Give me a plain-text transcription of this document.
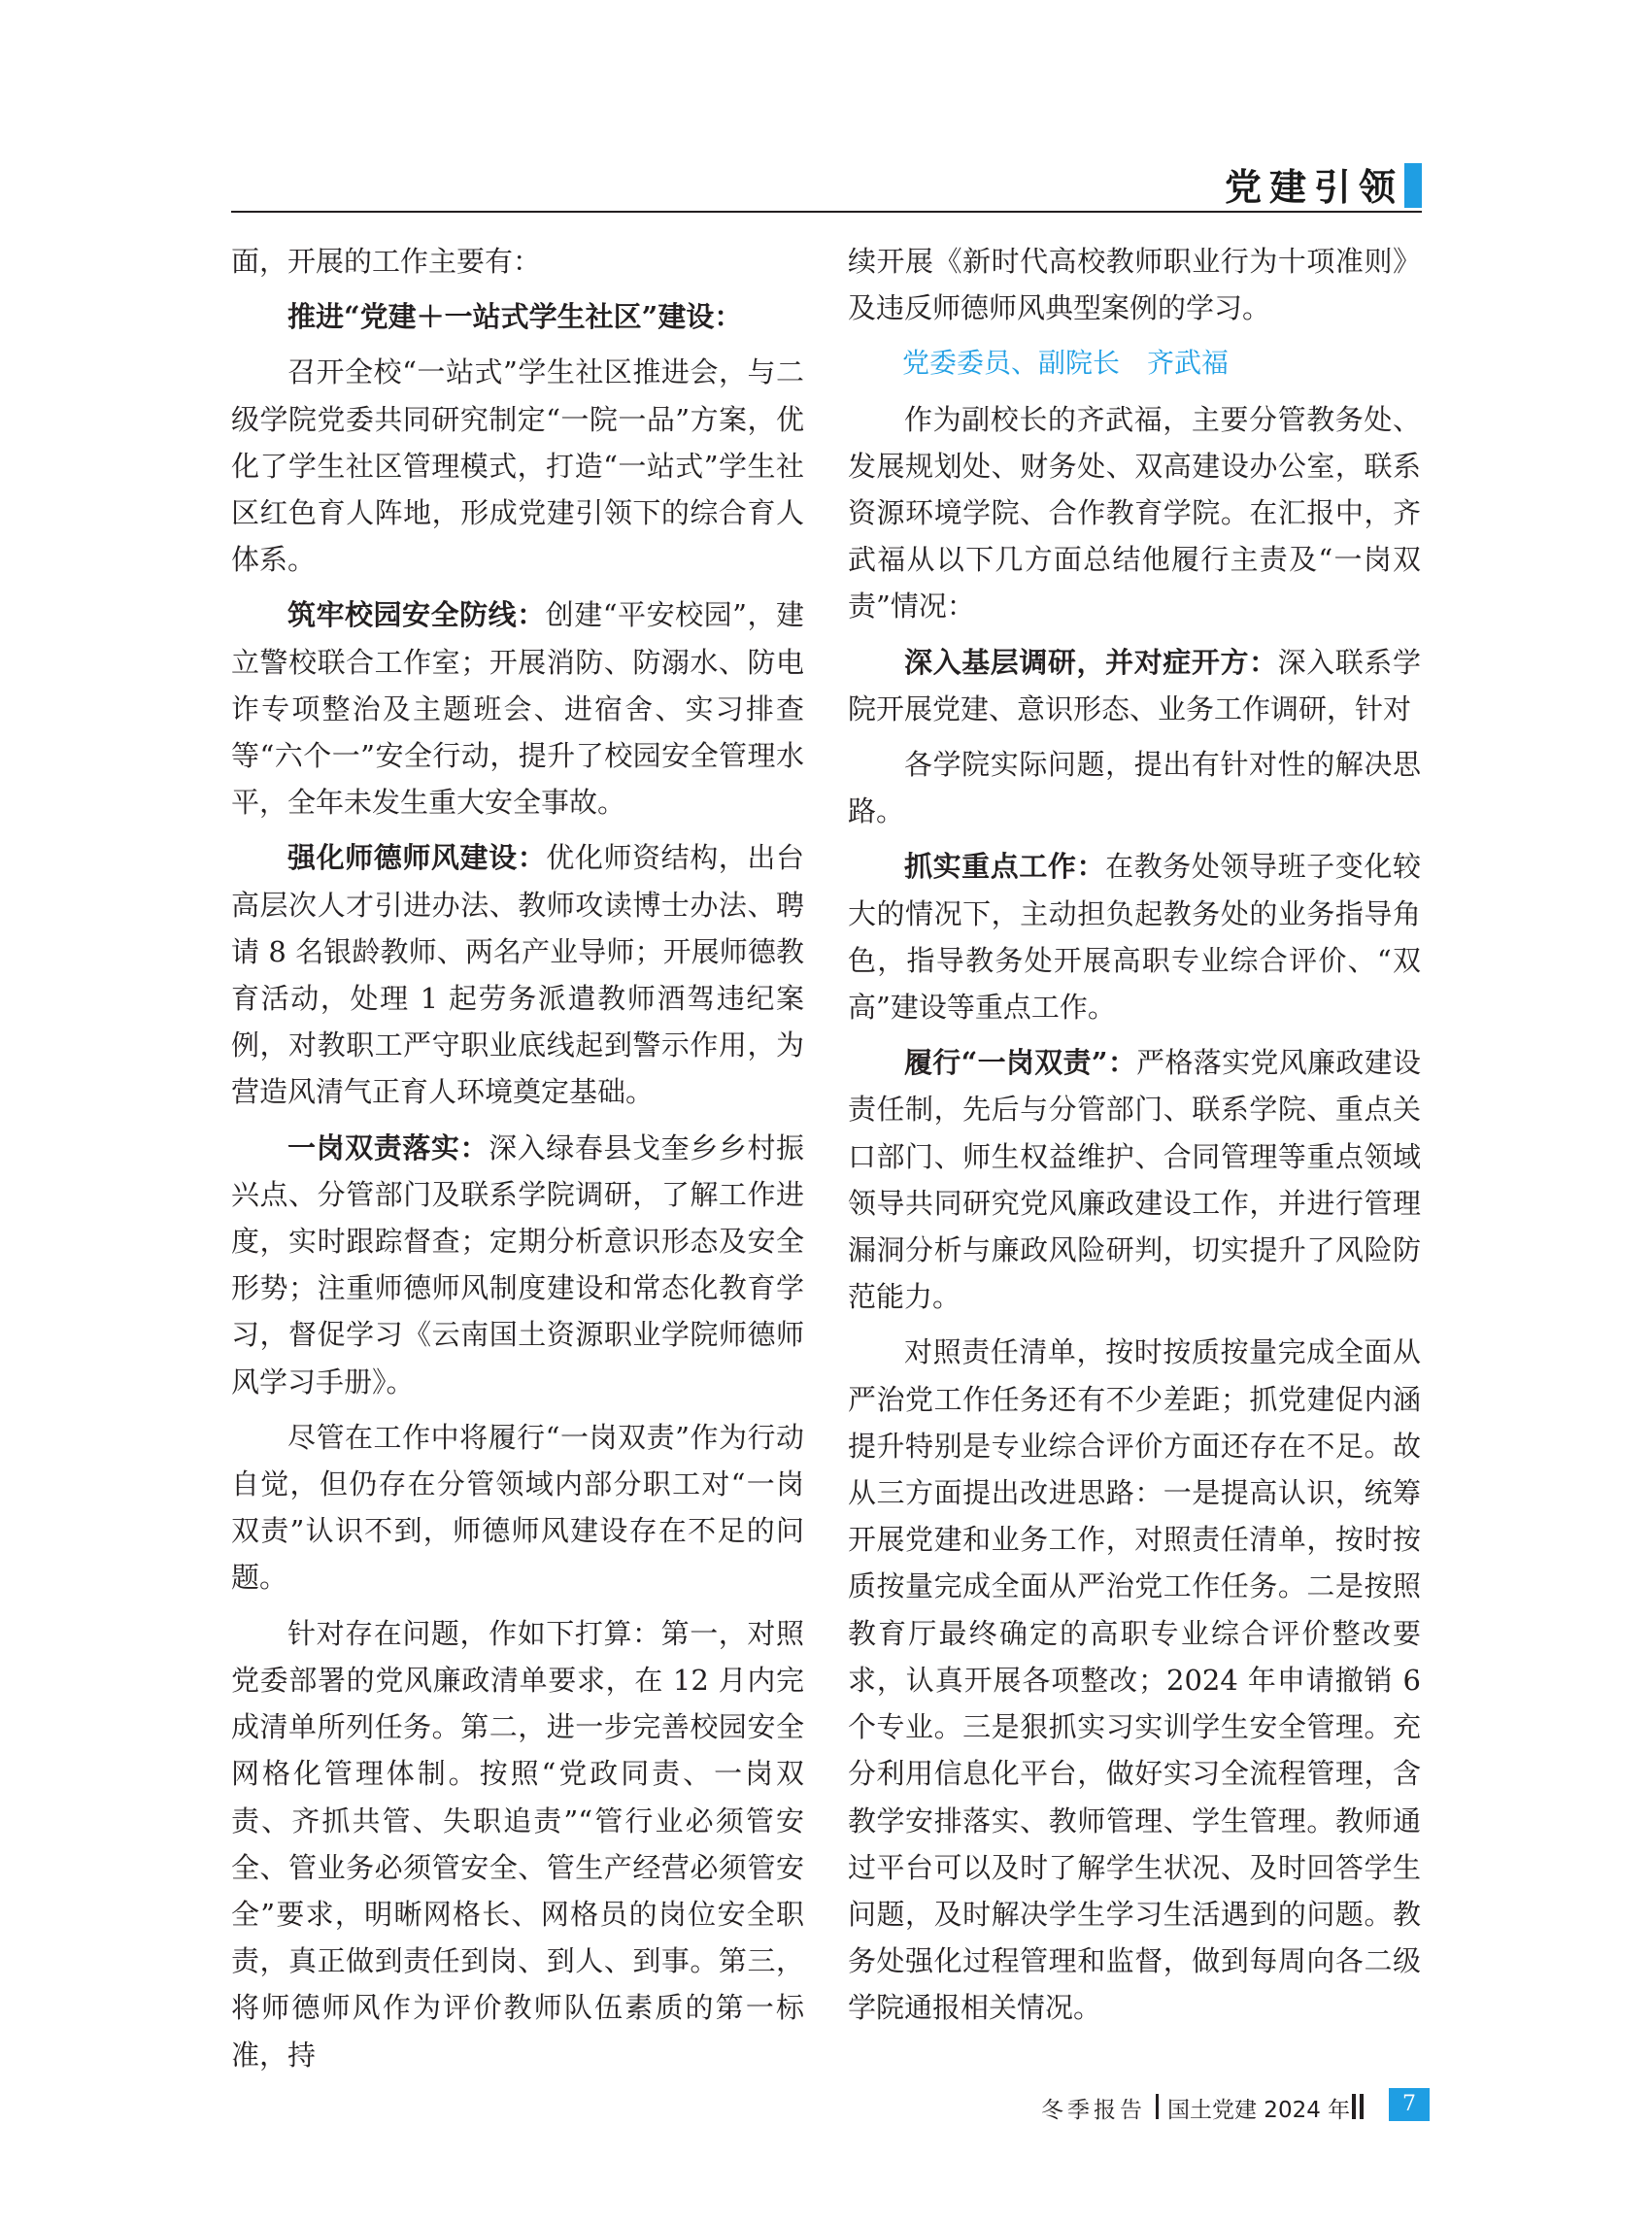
党建引领

面，开展的工作主要有：

推进“党建＋一站式学生社区”建设：

召开全校“一站式”学生社区推进会，与二级学院党委共同研究制定“一院一品”方案，优化了学生社区管理模式，打造“一站式”学生社区红色育人阵地，形成党建引领下的综合育人体系。

筑牢校园安全防线：创建“平安校园”，建立警校联合工作室；开展消防、防溺水、防电诈专项整治及主题班会、进宿舍、实习排查等“六个一”安全行动，提升了校园安全管理水平，全年未发生重大安全事故。

强化师德师风建设：优化师资结构，出台高层次人才引进办法、教师攻读博士办法、聘请 8 名银龄教师、两名产业导师；开展师德教育活动，处理 1 起劳务派遣教师酒驾违纪案例，对教职工严守职业底线起到警示作用，为营造风清气正育人环境奠定基础。

一岗双责落实：深入绿春县戈奎乡乡村振兴点、分管部门及联系学院调研，了解工作进度，实时跟踪督查；定期分析意识形态及安全形势；注重师德师风制度建设和常态化教育学习，督促学习《云南国土资源职业学院师德师风学习手册》。

尽管在工作中将履行“一岗双责”作为行动自觉，但仍存在分管领域内部分职工对“一岗双责”认识不到，师德师风建设存在不足的问题。

针对存在问题，作如下打算：第一，对照党委部署的党风廉政清单要求，在 12 月内完成清单所列任务。第二，进一步完善校园安全网格化管理体制。按照“党政同责、一岗双责、齐抓共管、失职追责”“管行业必须管安全、管业务必须管安全、管生产经营必须管安全”要求，明晰网格长、网格员的岗位安全职责，真正做到责任到岗、到人、到事。第三，将师德师风作为评价教师队伍素质的第一标准，持

续开展《新时代高校教师职业行为十项准则》及违反师德师风典型案例的学习。

党委委员、副院长　齐武福

作为副校长的齐武福，主要分管教务处、发展规划处、财务处、双高建设办公室，联系资源环境学院、合作教育学院。在汇报中，齐武福从以下几方面总结他履行主责及“一岗双责”情况：

深入基层调研，并对症开方：深入联系学院开展党建、意识形态、业务工作调研，针对

各学院实际问题，提出有针对性的解决思路。

抓实重点工作：在教务处领导班子变化较大的情况下，主动担负起教务处的业务指导角色，指导教务处开展高职专业综合评价、“双高”建设等重点工作。

履行“一岗双责”：严格落实党风廉政建设责任制，先后与分管部门、联系学院、重点关口部门、师生权益维护、合同管理等重点领域领导共同研究党风廉政建设工作，并进行管理漏洞分析与廉政风险研判，切实提升了风险防范能力。

对照责任清单，按时按质按量完成全面从严治党工作任务还有不少差距；抓党建促内涵提升特别是专业综合评价方面还存在不足。故从三方面提出改进思路：一是提高认识，统筹开展党建和业务工作，对照责任清单，按时按质按量完成全面从严治党工作任务。二是按照教育厅最终确定的高职专业综合评价整改要求，认真开展各项整改；2024 年申请撤销 6 个专业。三是狠抓实习实训学生安全管理。充分利用信息化平台，做好实习全流程管理，含教学安排落实、教师管理、学生管理。教师通过平台可以及时了解学生状况、及时回答学生问题，及时解决学生学习生活遇到的问题。教务处强化过程管理和监督，做到每周向各二级学院通报相关情况。

冬季报告 国土党建 2024 年	7
